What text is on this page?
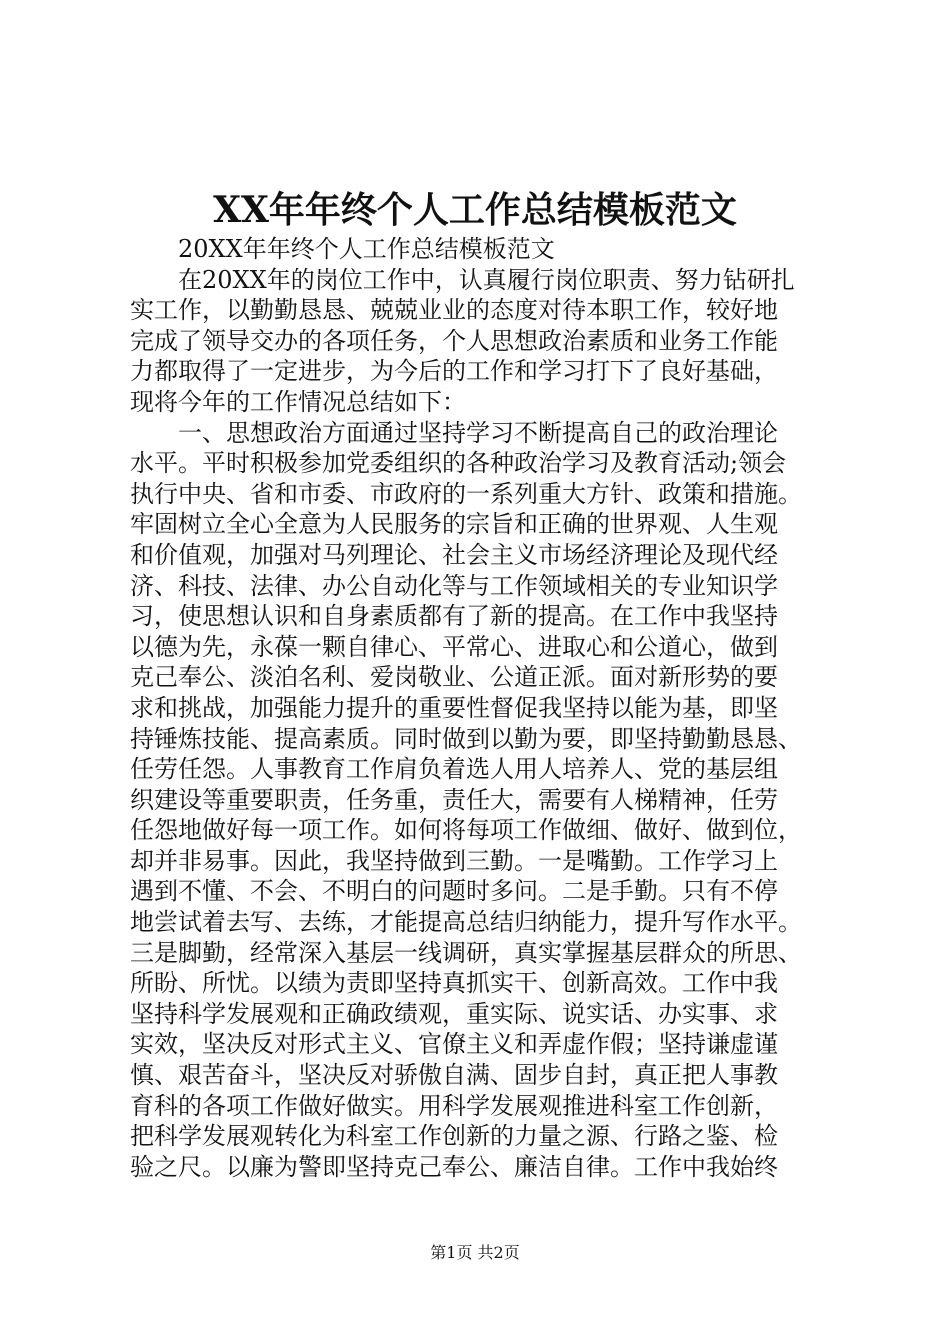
XX年年终个人工作总结模板范文
20XX年年终个人工作总结模板范文
在20XX年的岗位工作中，认真履行岗位职责、努力钻研扎
实工作，以勤勤恳恳、兢兢业业的态度对待本职工作，较好地
完成了领导交办的各项任务，个人思想政治素质和业务工作能
力都取得了一定进步，为今后的工作和学习打下了良好基础，
现将今年的工作情况总结如下：
一、思想政治方面通过坚持学习不断提高自己的政治理论
水平。平时积极参加党委组织的各种政治学习及教育活动;领会
执行中央、省和市委、市政府的一系列重大方针、政策和措施。
牢固树立全心全意为人民服务的宗旨和正确的世界观、人生观
和价值观，加强对马列理论、社会主义市场经济理论及现代经
济、科技、法律、办公自动化等与工作领域相关的专业知识学
习，使思想认识和自身素质都有了新的提高。在工作中我坚持
以德为先，永葆一颗自律心、平常心、进取心和公道心，做到
克己奉公、淡泊名利、爱岗敬业、公道正派。面对新形势的要
求和挑战，加强能力提升的重要性督促我坚持以能为基，即坚
持锤炼技能、提高素质。同时做到以勤为要，即坚持勤勤恳恳、
任劳任怨。人事教育工作肩负着选人用人培养人、党的基层组
织建设等重要职责，任务重，责任大，需要有人梯精神，任劳
任怨地做好每一项工作。如何将每项工作做细、做好、做到位，
却并非易事。因此，我坚持做到三勤。一是嘴勤。工作学习上
遇到不懂、不会、不明白的问题时多问。二是手勤。只有不停
地尝试着去写、去练，才能提高总结归纳能力，提升写作水平。
三是脚勤，经常深入基层一线调研，真实掌握基层群众的所思、
所盼、所忧。以绩为责即坚持真抓实干、创新高效。工作中我
坚持科学发展观和正确政绩观，重实际、说实话、办实事、求
实效，坚决反对形式主义、官僚主义和弄虚作假；坚持谦虚谨
慎、艰苦奋斗，坚决反对骄傲自满、固步自封，真正把人事教
育科的各项工作做好做实。用科学发展观推进科室工作创新，
把科学发展观转化为科室工作创新的力量之源、行路之鉴、检
验之尺。以廉为警即坚持克己奉公、廉洁自律。工作中我始终
第1页 共2页
